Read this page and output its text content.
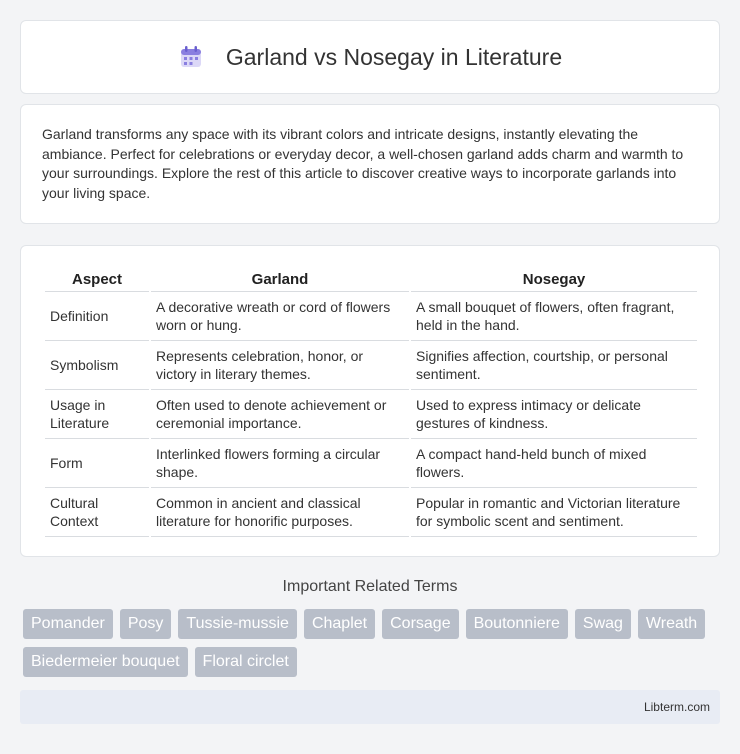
Garland vs Nosegay in Literature

Garland transforms any space with its vibrant colors and intricate designs, instantly elevating the ambiance. Perfect for celebrations or everyday decor, a well-chosen garland adds charm and warmth to your surroundings. Explore the rest of this article to discover creative ways to incorporate garlands into your living space.

Aspect	Garland	Nosegay
Definition	A decorative wreath or cord of flowers worn or hung.	A small bouquet of flowers, often fragrant, held in the hand.
Symbolism	Represents celebration, honor, or victory in literary themes.	Signifies affection, courtship, or personal sentiment.
Usage in Literature	Often used to denote achievement or ceremonial importance.	Used to express intimacy or delicate gestures of kindness.
Form	Interlinked flowers forming a circular shape.	A compact hand-held bunch of mixed flowers.
Cultural Context	Common in ancient and classical literature for honorific purposes.	Popular in romantic and Victorian literature for symbolic scent and sentiment.
Important Related Terms
Pomander	Posy	Tussie-mussie	Chaplet	Corsage	Boutonniere	Swag	Wreath
Biedermeier bouquet	Floral circlet
Libterm.com
